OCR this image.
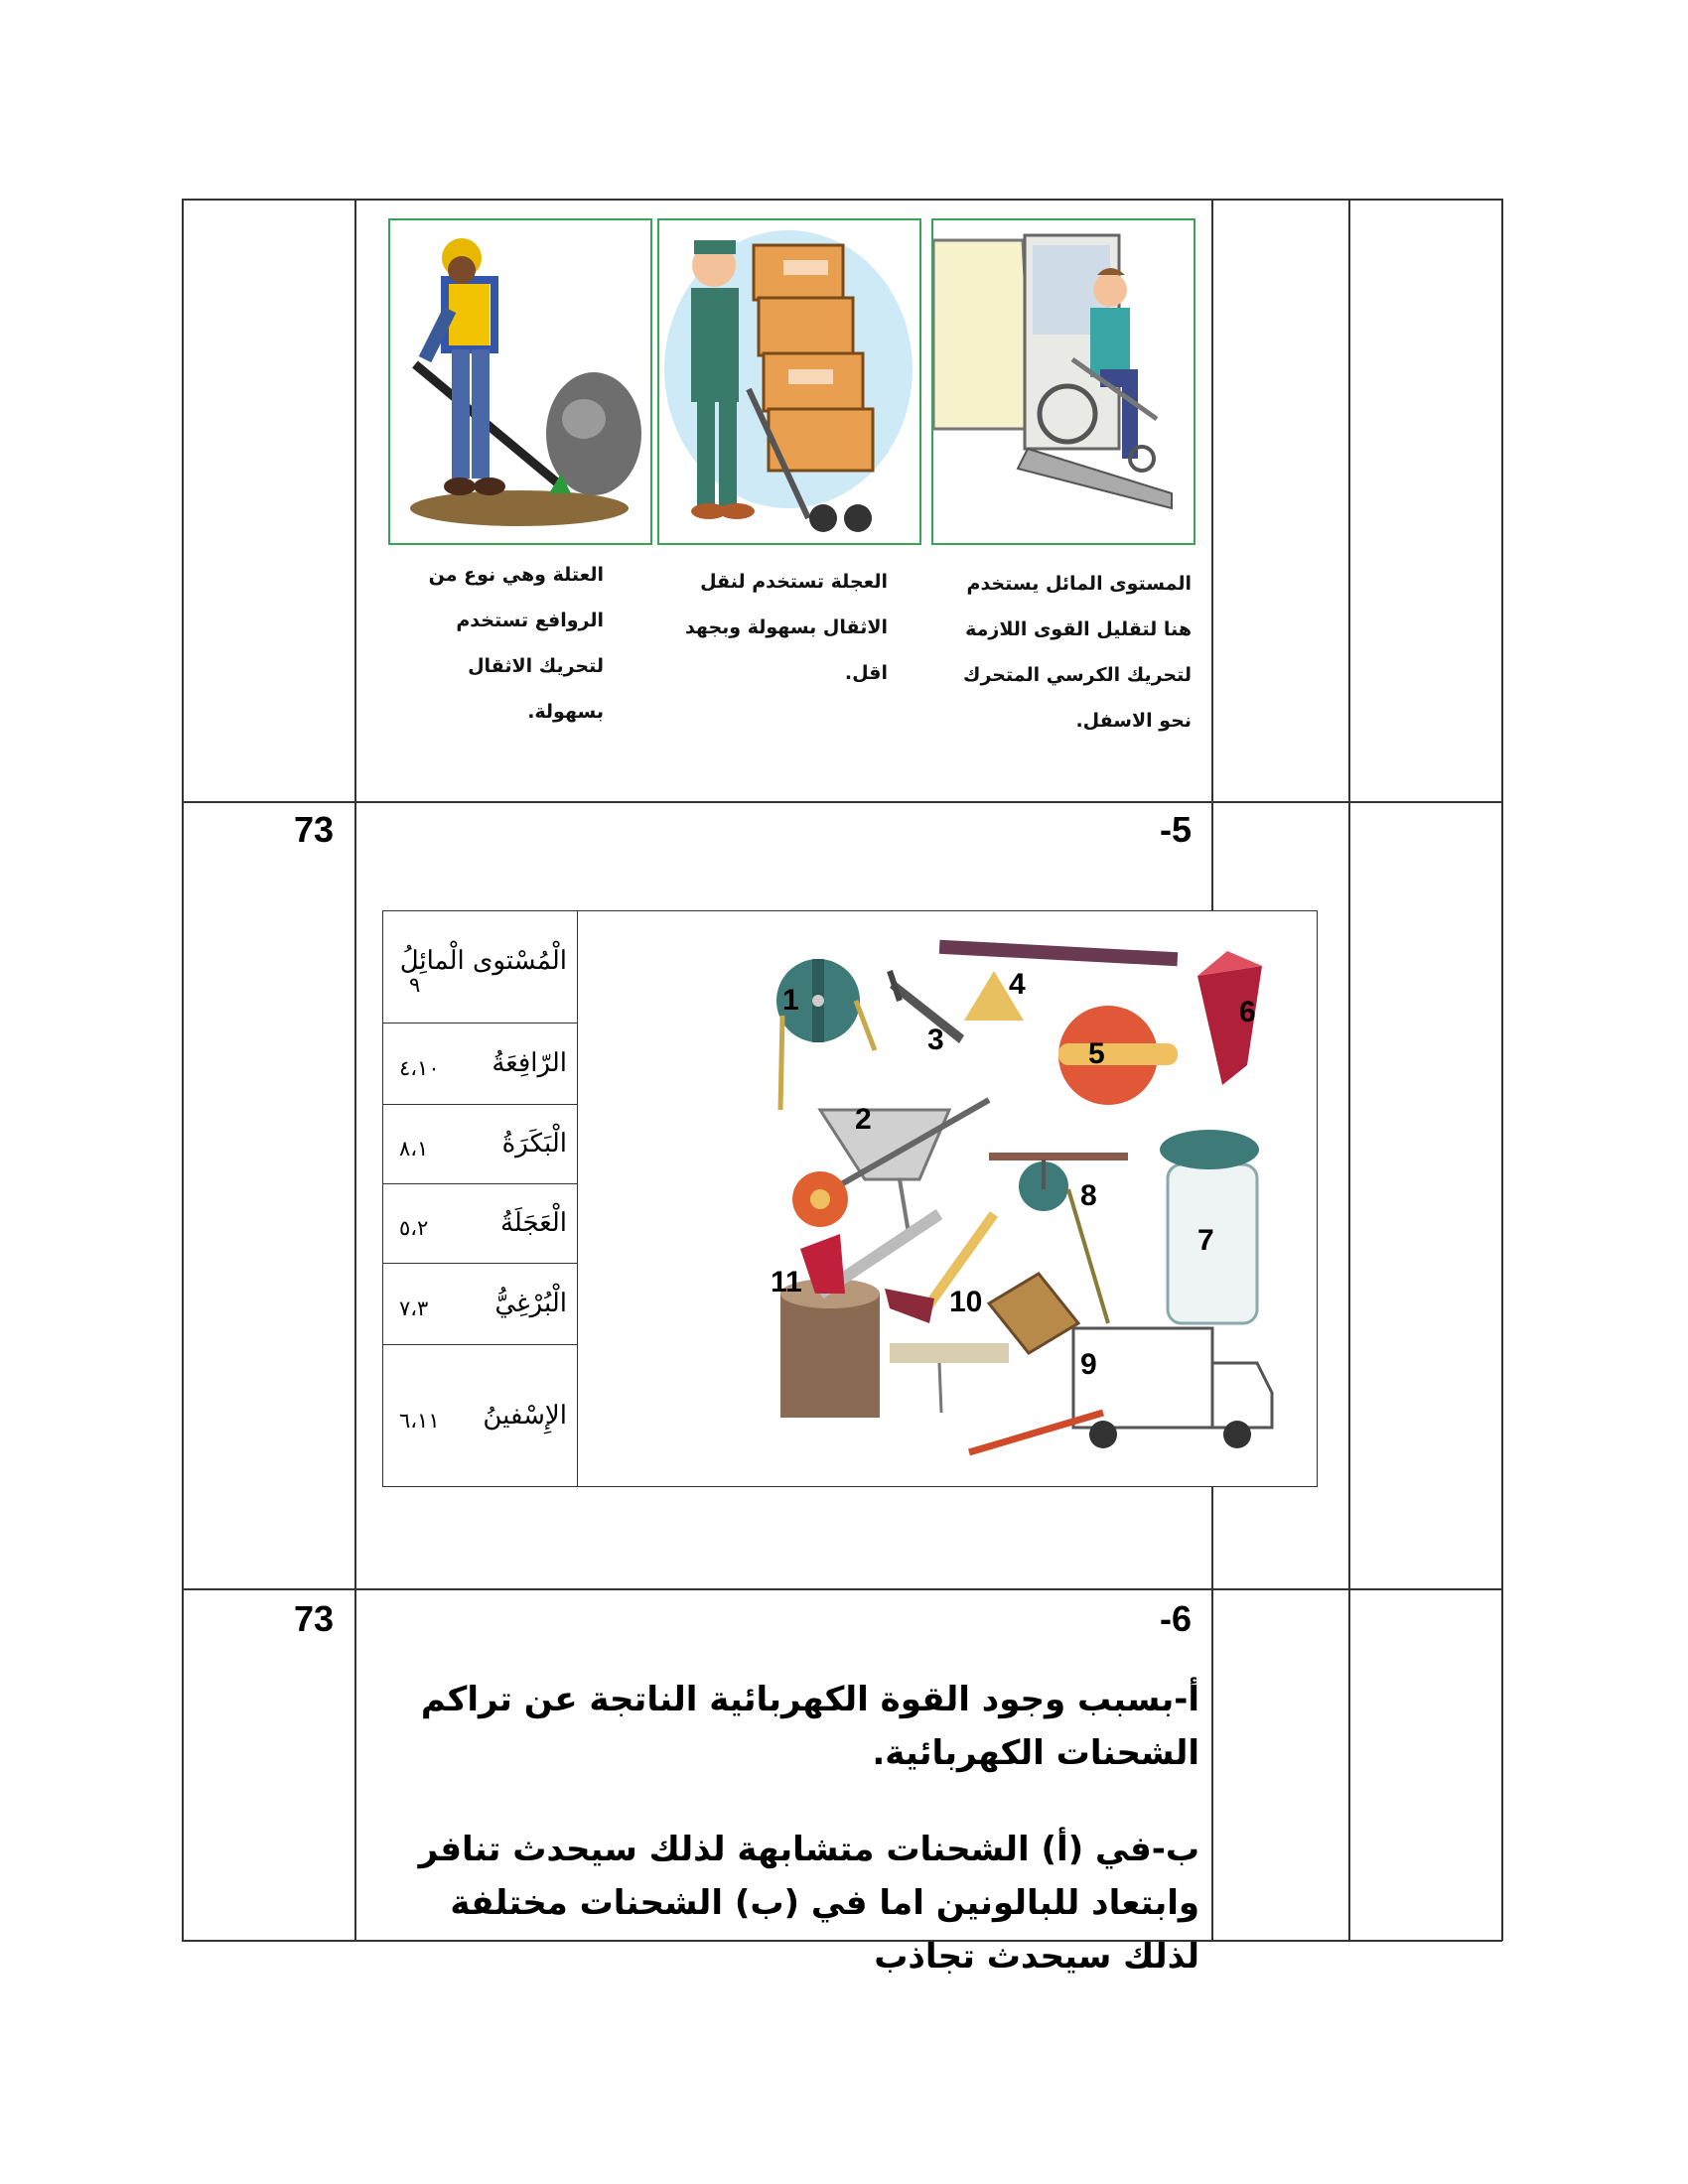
العتلة وهي نوع من الروافع تستخدم لتحريك الاثقال بسهولة.
العجلة تستخدم لنقل الاثقال بسهولة وبجهد اقل.
المستوى المائل يستخدم هنا لتقليل القوى اللازمة لتحريك الكرسي المتحرك نحو الاسفل.
73	-5
الْمُسْتوى الْمائِلُ
٩
الرّافِعَةُ
٤،١٠
الْبَكَرَةُ
٨،١
الْعَجَلَةُ
٥،٢
الْبُرْغِيُّ
٧،٣
الإِسْفينُ
٦،١١
1
2
3
4
5
6
7
8
9
10
11
73	-6
أ-بسبب وجود القوة الكهربائية الناتجة عن تراكم الشحنات الكهربائية.
ب-في (أ) الشحنات متشابهة لذلك سيحدث تنافر وابتعاد للبالونين اما في (ب) الشحنات مختلفة لذلك سيحدث تجاذب
